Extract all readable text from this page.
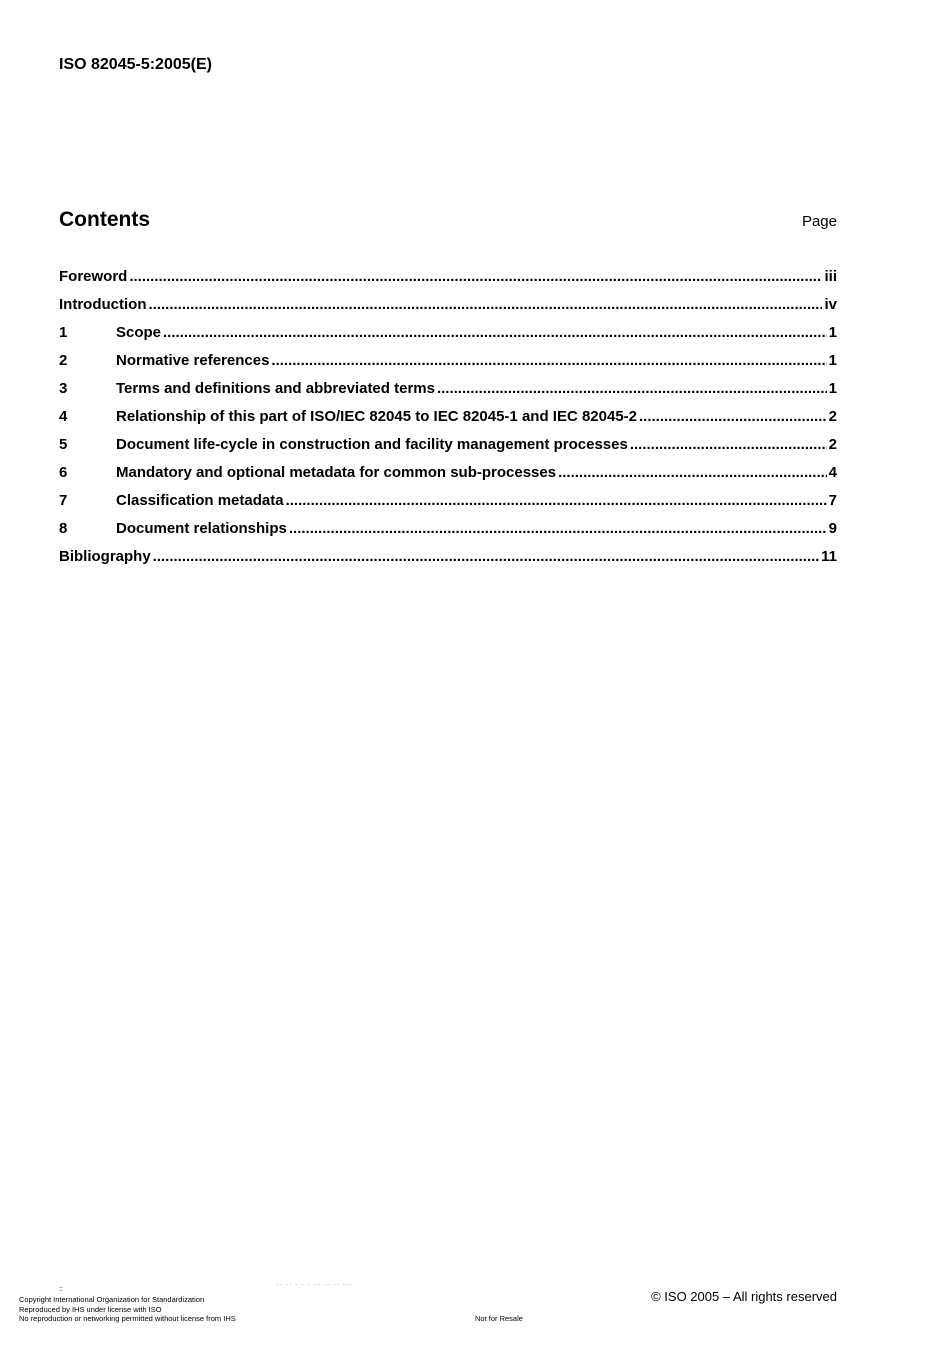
ISO 82045-5:2005(E)

Contents	Page
Foreword .....	iii
Introduction .....	iv
1	Scope .....	1
2	Normative references .....	1
3	Terms and definitions and abbreviated terms .....	1
4	Relationship of this part of ISO/IEC 82045 to IEC 82045-1 and IEC 82045-2 .....	2
5	Document life-cycle in construction and facility management processes .....	2
6	Mandatory and optional metadata for common sub-processes .....	4
7	Classification metadata .....	7
8	Document relationships .....	9
Bibliography .....	11
::
-- -- -,- - -- -- -- ---
Copyright International Organization for Standardization
Reproduced by IHS under license with ISO
No reproduction or networking permitted without license from IHS	Not for Resale
© ISO 2005 – All rights reserved
